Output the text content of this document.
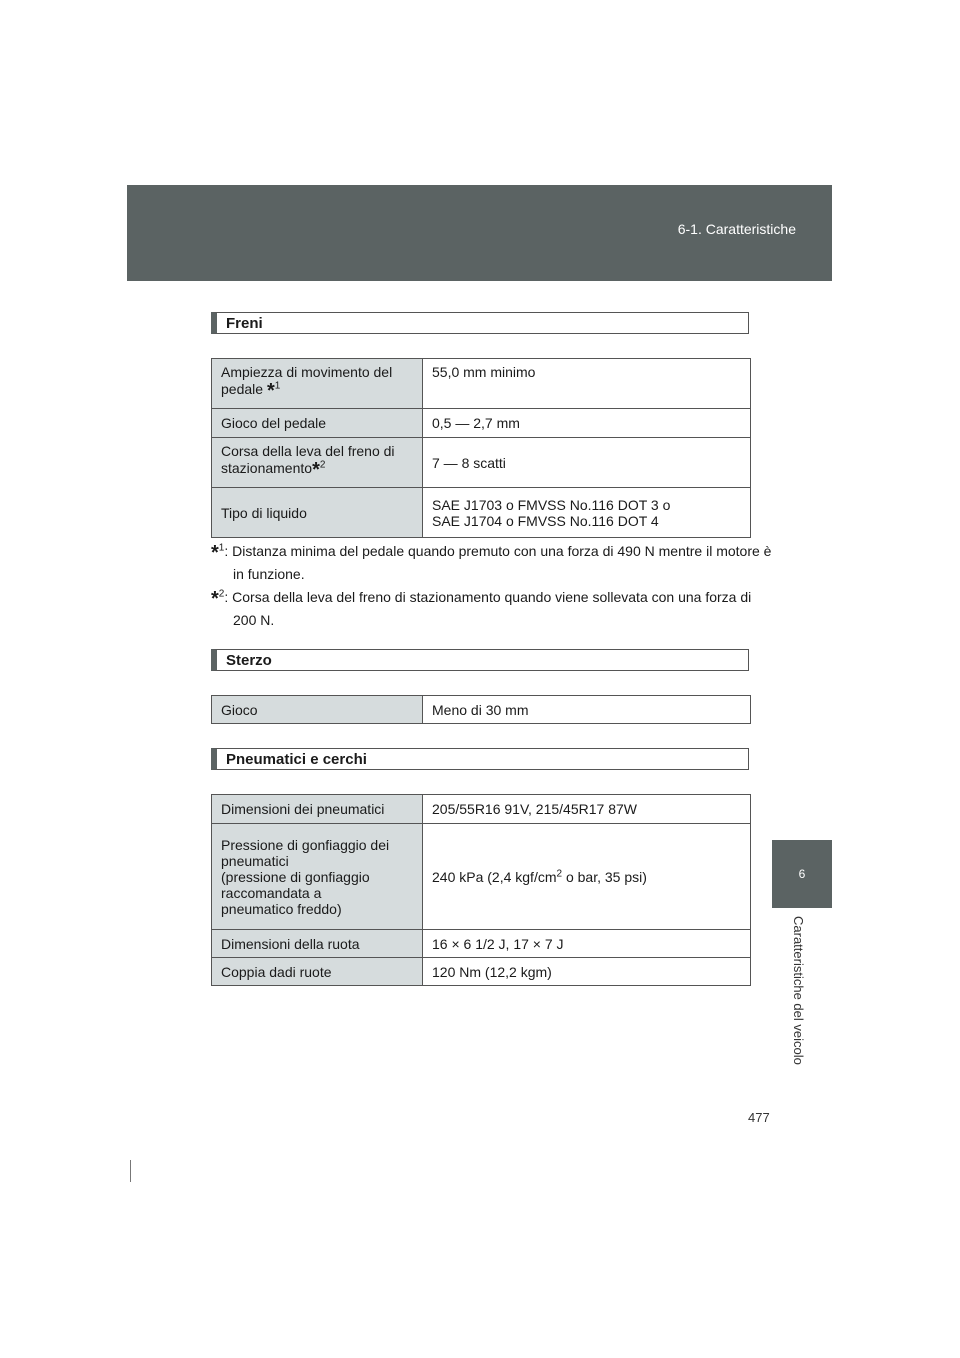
6-1. Caratteristiche
6
Caratteristiche del veicolo
Freni
Ampiezza di movimento del pedale *$^1$	55,0 mm minimo
Gioco del pedale	0,5 — 2,7 mm
Corsa della leva del freno di stazionamento*$^2$	7 — 8 scatti
Tipo di liquido	SAE J1703 o FMVSS No.116 DOT 3 o
SAE J1704 o FMVSS No.116 DOT 4
*$^1$: Distanza minima del pedale quando premuto con una forza di 490 N mentre il motore è in funzione.
*$^2$: Corsa della leva del freno di stazionamento quando viene sollevata con una forza di 200 N.
Sterzo
Gioco	Meno di 30 mm
Pneumatici e cerchi
Dimensioni dei pneumatici	205/55R16 91V, 215/45R17 87W

Pressione di gonfiaggio dei
pneumatici
(pressione di gonfiaggio
raccomandata a
pneumatico freddo)	240 kPa (2,4 kgf/$cm^2$ o bar, 35 psi)
Dimensioni della ruota	16 × 6 1/2 J, 17 × 7 J
Coppia dadi ruote	120 Nm (12,2 kgm)
477
